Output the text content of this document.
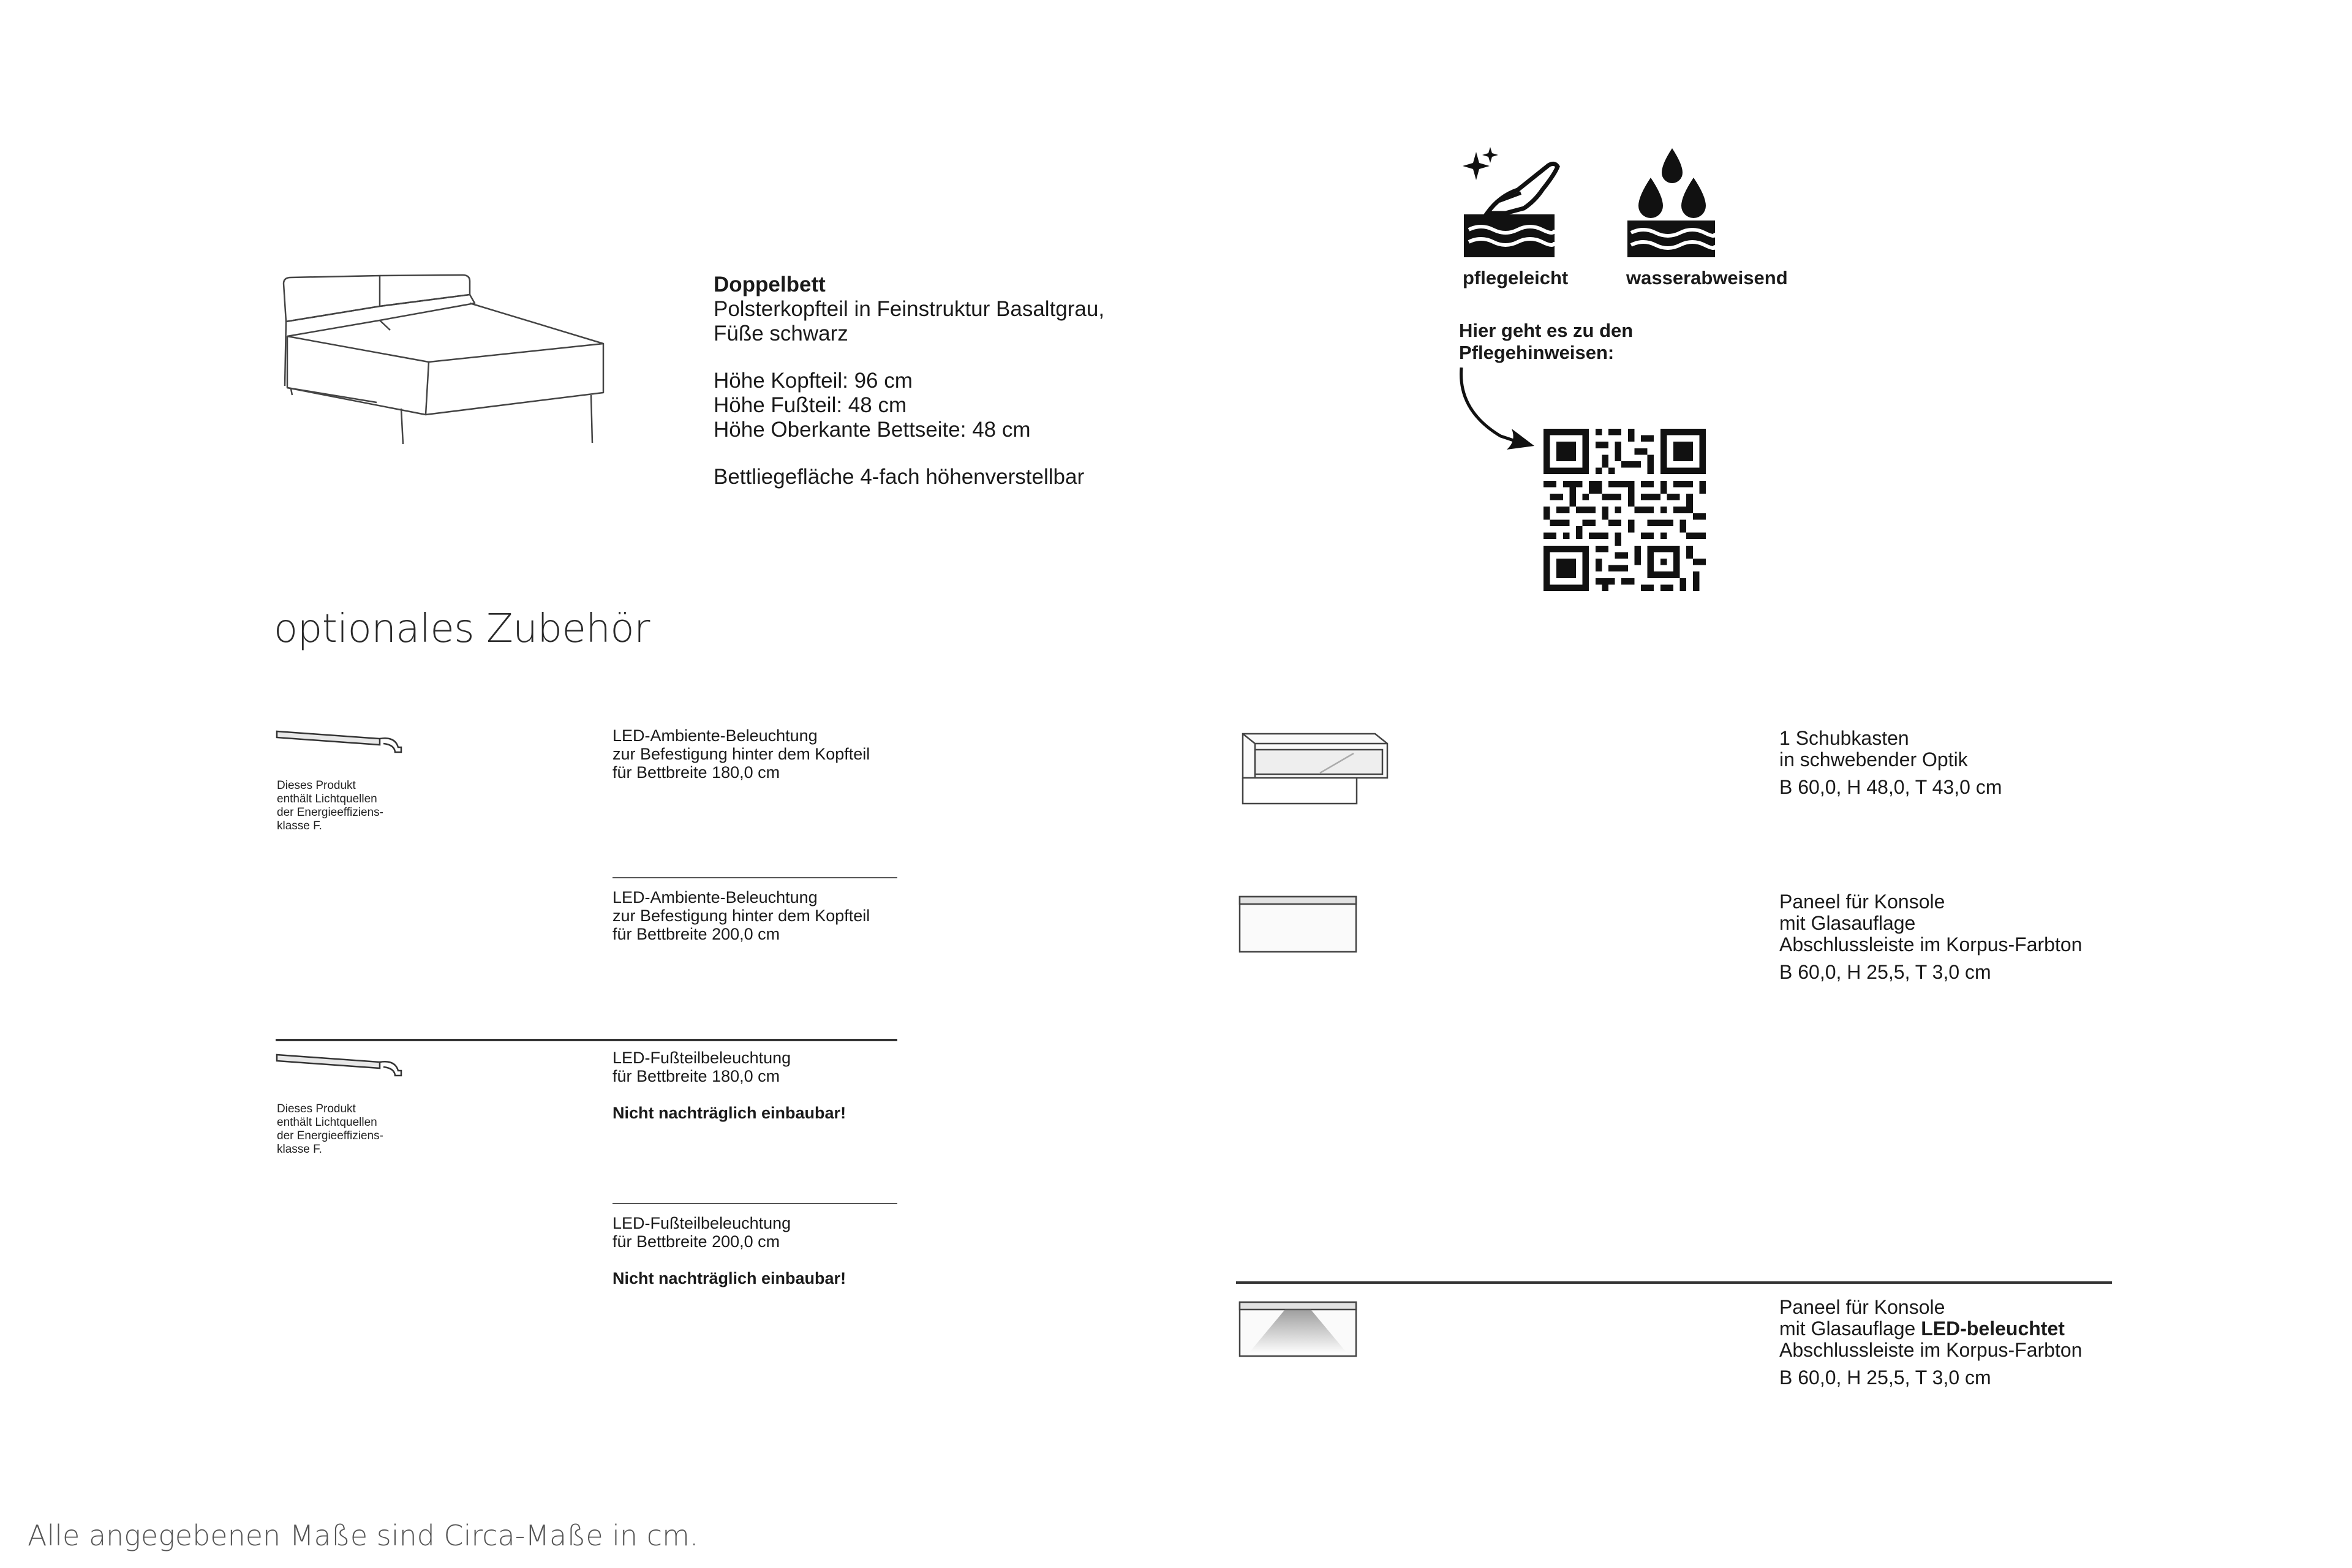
Doppelbett
Polsterkopfteil in Feinstruktur Basaltgrau,
Füße schwarz
Höhe Kopfteil: 96 cm
Höhe Fußteil: 48 cm
Höhe Oberkante Bettseite: 48 cm
Bettliegefläche 4-fach höhenverstellbar
pflegeleicht	wasserabweisend
Hier geht es zu den
Pflegehinweisen:
optionales Zubehör
Dieses Produkt
enthält Lichtquellen
der Energieeffiziens-
klasse F.
LED-Ambiente-Beleuchtung
zur Befestigung hinter dem Kopfteil
für Bettbreite 180,0 cm
LED-Ambiente-Beleuchtung
zur Befestigung hinter dem Kopfteil
für Bettbreite 200,0 cm
Dieses Produkt
enthält Lichtquellen
der Energieeffiziens-
klasse F.
LED-Fußteilbeleuchtung
für Bettbreite 180,0 cm
Nicht nachträglich einbaubar!
LED-Fußteilbeleuchtung
für Bettbreite 200,0 cm
Nicht nachträglich einbaubar!
1 Schubkasten
in schwebender Optik
B 60,0, H 48,0, T 43,0 cm
Paneel für Konsole
mit Glasauflage
Abschlussleiste im Korpus-Farbton
B 60,0, H 25,5, T 3,0 cm
Paneel für Konsole
mit Glasauflage LED-beleuchtet
Abschlussleiste im Korpus-Farbton
B 60,0, H 25,5, T 3,0 cm
Alle angegebenen Maße sind Circa-Maße in cm.
